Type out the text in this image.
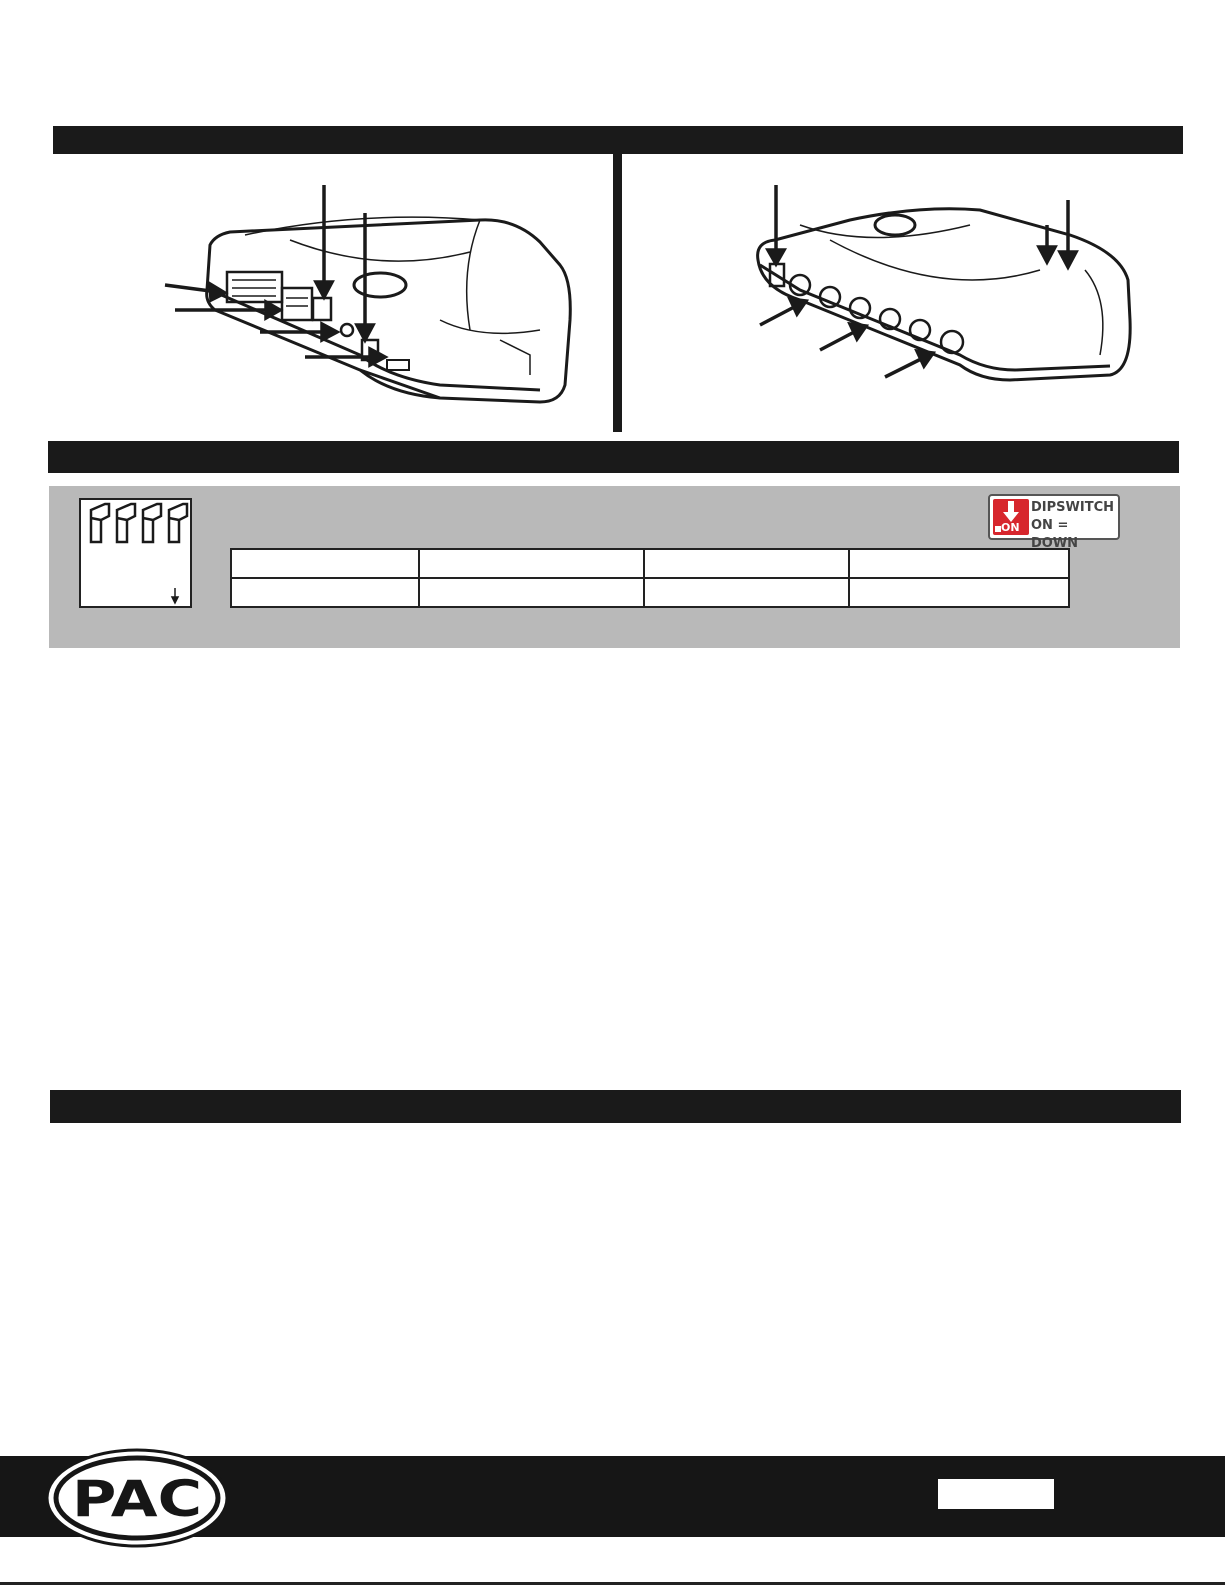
ON
DIPSWITCH
ON = DOWN
PAC
